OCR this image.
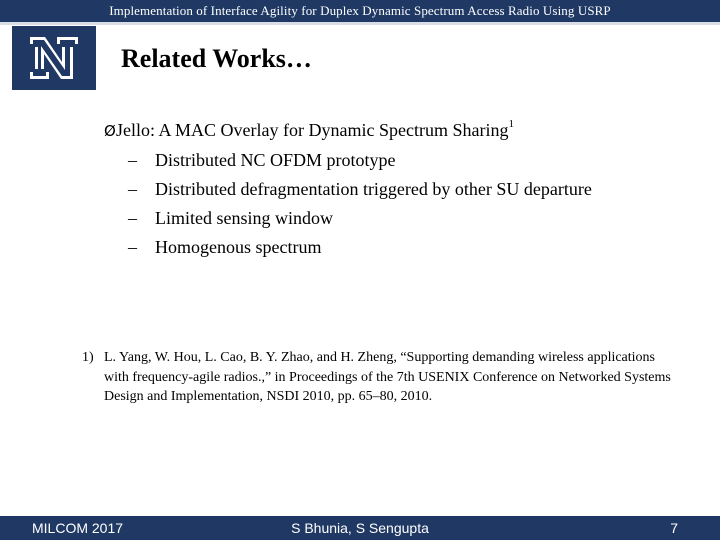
Implementation of Interface Agility for Duplex Dynamic Spectrum Access Radio Using USRP
Related Works…
ØJello: A MAC Overlay for Dynamic Spectrum Sharing$^1$
– Distributed NC OFDM prototype
– Distributed defragmentation triggered by other SU departure
– Limited sensing window
– Homogenous spectrum
1) L. Yang, W. Hou, L. Cao, B. Y. Zhao, and H. Zheng, “Supporting demanding wireless applications with frequency-agile radios.,” in Proceedings of the 7th USENIX Conference on Networked Systems Design and Implementation, NSDI 2010, pp. 65–80, 2010.
MILCOM 2017	S Bhunia, S Sengupta	7
